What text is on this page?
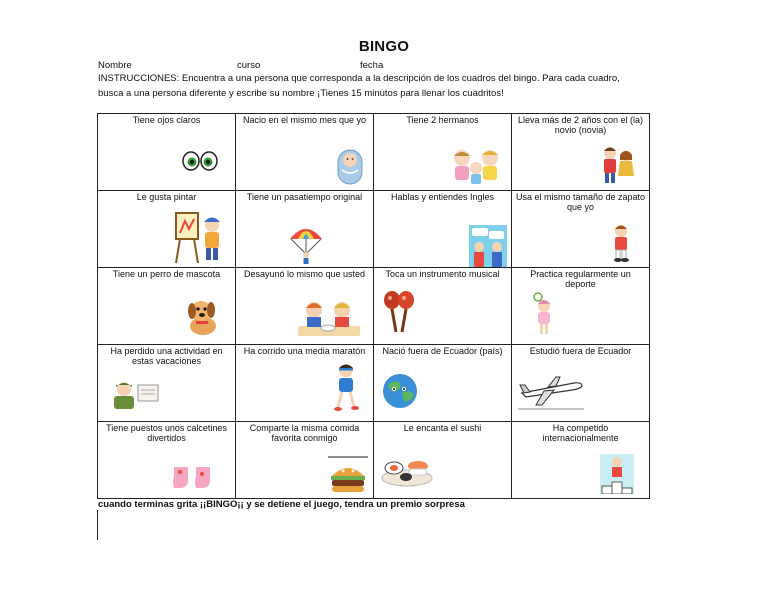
BINGO
Nombre	curso	fecha
INSTRUCCIONES: Encuentra a una persona que corresponda a la descripción de los cuadros del bingo. Para cada cuadro,
busca a una persona diferente y escribe su nombre ¡Tienes 15 minutos para llenar los cuadritos!
Tiene ojos claros	Nacio en el mismo mes que yo	Tiene 2 hermanos	Lleva más de 2 años con el (la) novio (novia)

Le gusta pintar	Tiene un pasatiempo original	Hablas y entiendes Ingles	Usa el mismo tamaño de zapato que yo

Tiene un perro de mascota	Desayunó lo mismo que usted	Toca un instrumento musical	Practica regularmente un deporte

Ha perdido una actividad en estas vacaciones	Ha corrido una media maratón	Nació fuera de Ecuador (país)	Estudió fuera de Ecuador

Tiene puestos unos calcetines divertidos	Comparte la misma comida favorita conmigo	Le encanta el sushi	Ha competido internacionalmente
cuando terminas grita ¡¡BINGO¡¡ y se detiene el juego, tendra un premio sorpresa
